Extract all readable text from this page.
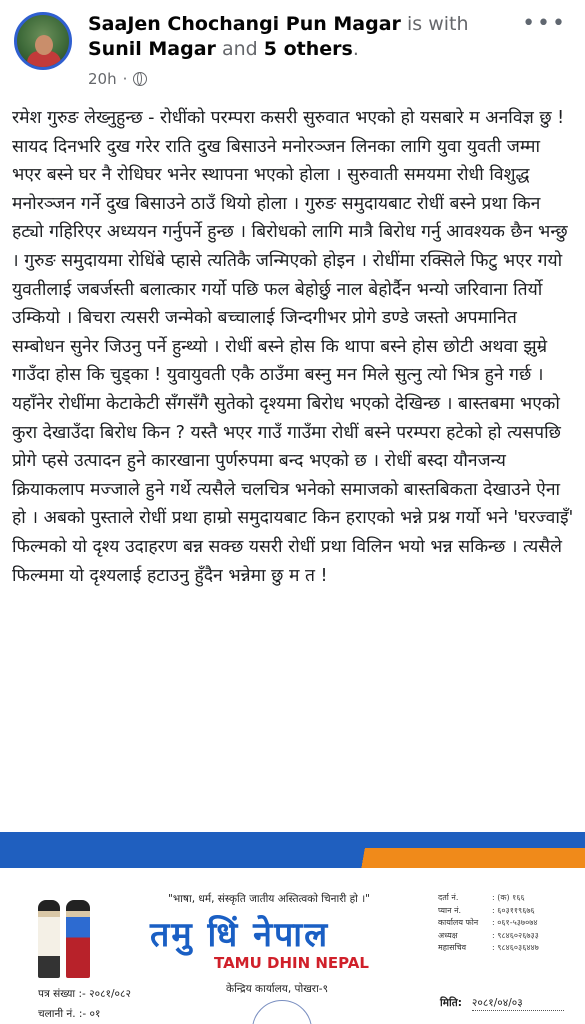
SaaJen Chochangi Pun Magar is with Sunil Magar and 5 others.
20h ·
•••
रमेश गुरुङ लेख्नुहुन्छ - रोधींको परम्परा कसरी सुरुवात भएको हो यसबारे म अनविज्ञ छु ! सायद दिनभरि दुख गरेर राति दुख बिसाउने मनोरञ्जन लिनका लागि युवा युवती जम्मा भएर बस्ने घर नै रोधिघर भनेर स्थापना भएको होला । सुरुवाती समयमा रोधी विशुद्ध मनोरञ्जन गर्ने दुख बिसाउने ठाउँ थियो होला । गुरुङ समुदायबाट रोधीं बस्ने प्रथा किन हट्यो गहिरिएर अध्ययन गर्नुपर्ने हुन्छ । बिरोधको लागि मात्रै बिरोध गर्नु आवश्यक छैन भन्छु । गुरुङ समुदायमा रोधिंबे प्हासे त्यतिकै जन्मिएको होइन । रोधींमा रक्सिले फिटु भएर गयो युवतीलाई जबर्जस्ती बलात्कार गर्यो पछि फल बेहोर्छु नाल बेहोर्दैन भन्यो जरिवाना तिर्यो उम्कियो । बिचरा त्यसरी जन्मेको बच्चालाई जिन्दगीभर प्रोगे डण्डे जस्तो अपमानित सम्बोधन सुनेर जिउनु पर्ने हुन्थ्यो । रोधीं बस्ने होस कि थापा बस्ने होस छोटी अथवा झुम्रे गाउँदा होस कि चुड्का ! युवायुवती एकै ठाउँमा बस्नु मन मिले सुत्नु त्यो भित्र हुने गर्छ । यहाँनेर रोधींमा केटाकेटी सँगसँगै सुतेको दृश्यमा बिरोध भएको देखिन्छ । बास्तबमा भएको कुरा देखाउँदा बिरोध किन ? यस्तै भएर गाउँ गाउँमा रोधीं बस्ने परम्परा हटेको हो त्यसपछि प्रोगे प्हसे उत्पादन हुने कारखाना पुर्णरुपमा बन्द भएको छ । रोधीं बस्दा यौनजन्य क्रियाकलाप मज्जाले हुने गर्थे त्यसैले चलचित्र भनेको समाजको बास्तबिकता देखाउने ऐना हो । अबको पुस्ताले रोधीं प्रथा हाम्रो समुदायबाट किन हराएको भन्ने प्रश्न गर्यो भने 'घरज्वाइँ' फिल्मको यो दृश्य उदाहरण बन्न सक्छ यसरी रोधीं प्रथा विलिन भयो भन्न सकिन्छ । त्यसैले फिल्ममा यो दृश्यलाई हटाउनु हुँदैन भन्नेमा छु म त !
"भाषा, धर्म, संस्कृति जातीय अस्तित्वको चिनारी हो ।"
तमु धिं नेपाल
TAMU DHIN NEPAL
केन्द्रिय कार्यालय, पोखरा-९
दर्ता नं.	: (क) १६६
प्यान नं.	: ६०३११९६७६
कार्यालय फोन	: ०६१-५३७०७४
अध्यक्ष	: ९८४६०२६७३३
महासचिव	: ९८४६०३६४४७
पत्र संख्या :- २०८१/०८२
चलानी नं. :- ०१
मिति: २०८१/०४/०३
